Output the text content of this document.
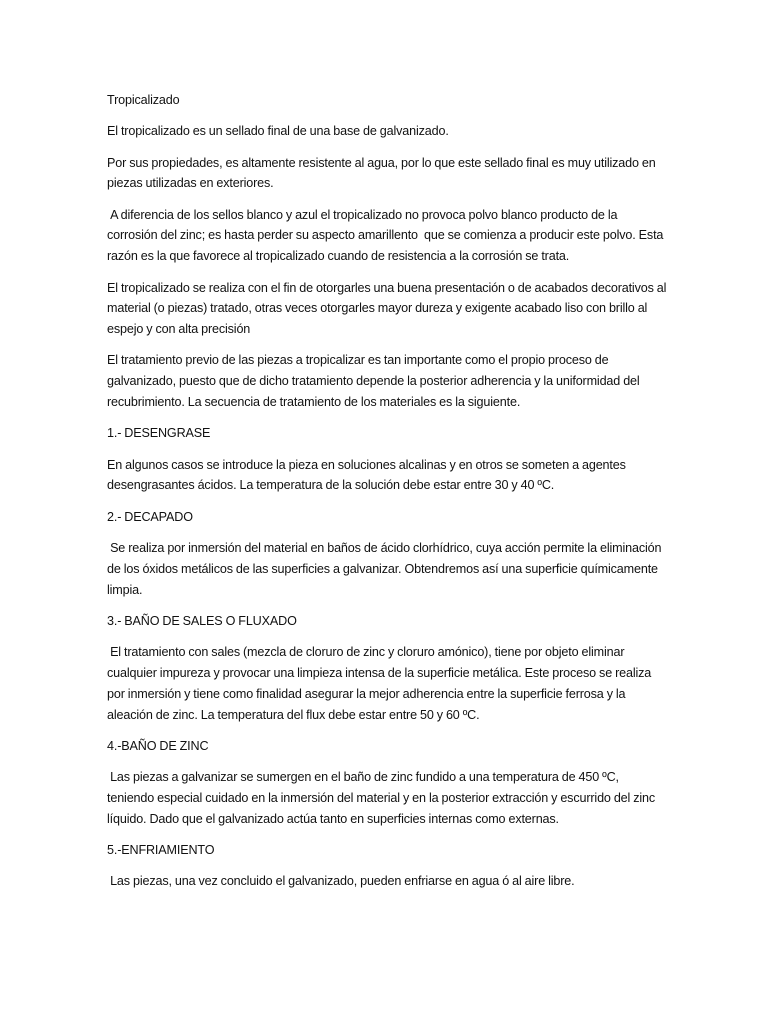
Tropicalizado

El tropicalizado es un sellado final de una base de galvanizado.

Por sus propiedades, es altamente resistente al agua, por lo que este sellado final es muy utilizado en piezas utilizadas en exteriores.

A diferencia de los sellos blanco y azul el tropicalizado no provoca polvo blanco producto de la corrosión del zinc; es hasta perder su aspecto amarillento  que se comienza a producir este polvo. Esta razón es la que favorece al tropicalizado cuando de resistencia a la corrosión se trata.

El tropicalizado se realiza con el fin de otorgarles una buena presentación o de acabados decorativos al material (o piezas) tratado, otras veces otorgarles mayor dureza y exigente acabado liso con brillo al espejo y con alta precisión

El tratamiento previo de las piezas a tropicalizar es tan importante como el propio proceso de galvanizado, puesto que de dicho tratamiento depende la posterior adherencia y la uniformidad del recubrimiento. La secuencia de tratamiento de los materiales es la siguiente.

1.- DESENGRASE

En algunos casos se introduce la pieza en soluciones alcalinas y en otros se someten a agentes desengrasantes ácidos. La temperatura de la solución debe estar entre 30 y 40 ºC.

2.- DECAPADO

Se realiza por inmersión del material en baños de ácido clorhídrico, cuya acción permite la eliminación de los óxidos metálicos de las superficies a galvanizar. Obtendremos así una superficie químicamente limpia.

3.- BAÑO DE SALES O FLUXADO

El tratamiento con sales (mezcla de cloruro de zinc y cloruro amónico), tiene por objeto eliminar cualquier impureza y provocar una limpieza intensa de la superficie metálica. Este proceso se realiza por inmersión y tiene como finalidad asegurar la mejor adherencia entre la superficie ferrosa y la aleación de zinc. La temperatura del flux debe estar entre 50 y 60 ºC.

4.-BAÑO DE ZINC

Las piezas a galvanizar se sumergen en el baño de zinc fundido a una temperatura de 450 ºC, teniendo especial cuidado en la inmersión del material y en la posterior extracción y escurrido del zinc líquido. Dado que el galvanizado actúa tanto en superficies internas como externas.

5.-ENFRIAMIENTO

Las piezas, una vez concluido el galvanizado, pueden enfriarse en agua ó al aire libre.
